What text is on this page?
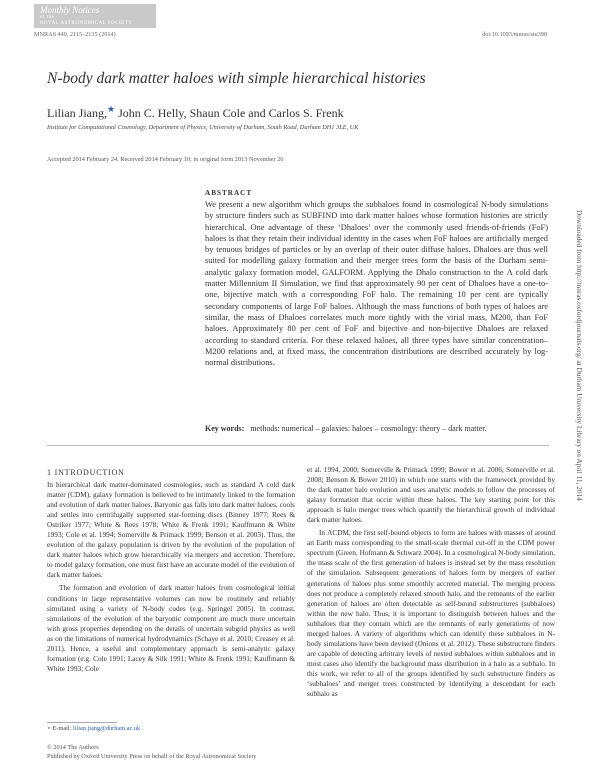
Monthly Notices
of the
ROYAL ASTRONOMICAL SOCIETY
MNRAS 440, 2115–2135 (2014)	doi:10.1093/mnras/stu390
N-body dark matter haloes with simple hierarchical histories
Lilian Jiang,★ John C. Helly, Shaun Cole and Carlos S. Frenk
Institute for Computational Cosmology, Department of Physics, University of Durham, South Road, Durham DH1 3LE, UK
Accepted 2014 February 24. Received 2014 February 10; in original form 2013 November 26
ABSTRACT
We present a new algorithm which groups the subhaloes found in cosmological N-body simulations by structure finders such as SUBFIND into dark matter haloes whose formation histories are strictly hierarchical. One advantage of these ‘Dhaloes’ over the commonly used friends-of-friends (FoF) haloes is that they retain their individual identity in the cases when FoF haloes are artificially merged by tenuous bridges of particles or by an overlap of their outer diffuse haloes. Dhaloes are thus well suited for modelling galaxy formation and their merger trees form the basis of the Durham semi-analytic galaxy formation model, GALFORM. Applying the Dhalo construction to the Λ cold dark matter Millennium II Simulation, we find that approximately 90 per cent of Dhaloes have a one-to-one, bijective match with a corresponding FoF halo. The remaining 10 per cent are typically secondary components of large FoF haloes. Although the mass functions of both types of haloes are similar, the mass of Dhaloes correlates much more tightly with the virial mass, M200, than FoF haloes. Approximately 80 per cent of FoF and bijective and non-bijective Dhaloes are relaxed according to standard criteria. For these relaxed haloes, all three types have similar concentration–M200 relations and, at fixed mass, the concentration distributions are described accurately by log-normal distributions.
Key words: methods: numerical – galaxies: haloes – cosmology: theory – dark matter.
1 INTRODUCTION

In hierarchical dark matter-dominated cosmologies, such as standard Λ cold dark matter (CDM), galaxy formation is believed to be intimately linked to the formation and evolution of dark matter haloes. Baryonic gas falls into dark matter haloes, cools and settles into centrifugally supported star-forming discs (Binney 1977; Rees & Ostriker 1977; White & Rees 1978; White & Frenk 1991; Kauffmann & White 1993; Cole et al. 1994; Somerville & Primack 1999; Benson et al. 2003). Thus, the evolution of the galaxy population is driven by the evolution of the population of dark matter haloes which grow hierarchically via mergers and accretion. Therefore, to model galaxy formation, one must first have an accurate model of the evolution of dark matter haloes.

The formation and evolution of dark matter haloes from cosmological initial conditions in large representative volumes can now be routinely and reliably simulated using a variety of N-body codes (e.g. Springel 2005). In contrast, simulations of the evolution of the baryonic component are much more uncertain with gross properties depending on the details of uncertain subgrid physics as well as on the limitations of numerical hydrodynamics (Schaye et al. 2010; Creasey et al. 2011). Hence, a useful and complementary approach is semi-analytic galaxy formation (e.g. Cole 1991; Lacey & Silk 1991; White & Frenk 1991; Kauffmann & White 1993; Cole

et al. 1994, 2000; Somerville & Primack 1999; Bower et al. 2006; Somerville et al. 2008; Benson & Bower 2010) in which one starts with the framework provided by the dark matter halo evolution and uses analytic models to follow the processes of galaxy formation that occur within these haloes. The key starting point for this approach is halo merger trees which quantify the hierarchical growth of individual dark matter haloes.

In ΛCDM, the first self-bound objects to form are haloes with masses of around an Earth mass corresponding to the small-scale thermal cut-off in the CDM power spectrum (Green, Hofmann & Schwarz 2004). In a cosmological N-body simulation, the mass scale of the first generation of haloes is instead set by the mass resolution of the simulation. Subsequent generations of haloes form by mergers of earlier generations of haloes plus some smoothly accreted material. The merging process does not produce a completely relaxed smooth halo, and the remnants of the earlier generation of haloes are often detectable as self-bound substructures (subhaloes) within the new halo. Thus, it is important to distinguish between haloes and the subhaloes that they contain which are the remnants of early generations of now merged haloes. A variety of algorithms which can identify these subhaloes in N-body simulations have been devised (Onions et al. 2012). These substructure finders are capable of detecting arbitrary levels of nested subhaloes within subhaloes and in most cases also identify the background mass distribution in a halo as a subhalo. In this work, we refer to all of the groups identified by such substructure finders as ‘subhaloes’ and merger trees constructed by identifying a descendant for each subhalo as

⋆ E-mail: lilian.jiang@durham.ac.uk
© 2014 The Authors
Published by Oxford University Press on behalf of the Royal Astronomical Society
Downloaded from http://mnras.oxfordjournals.org/ at Durham University Library on April 11, 2014
